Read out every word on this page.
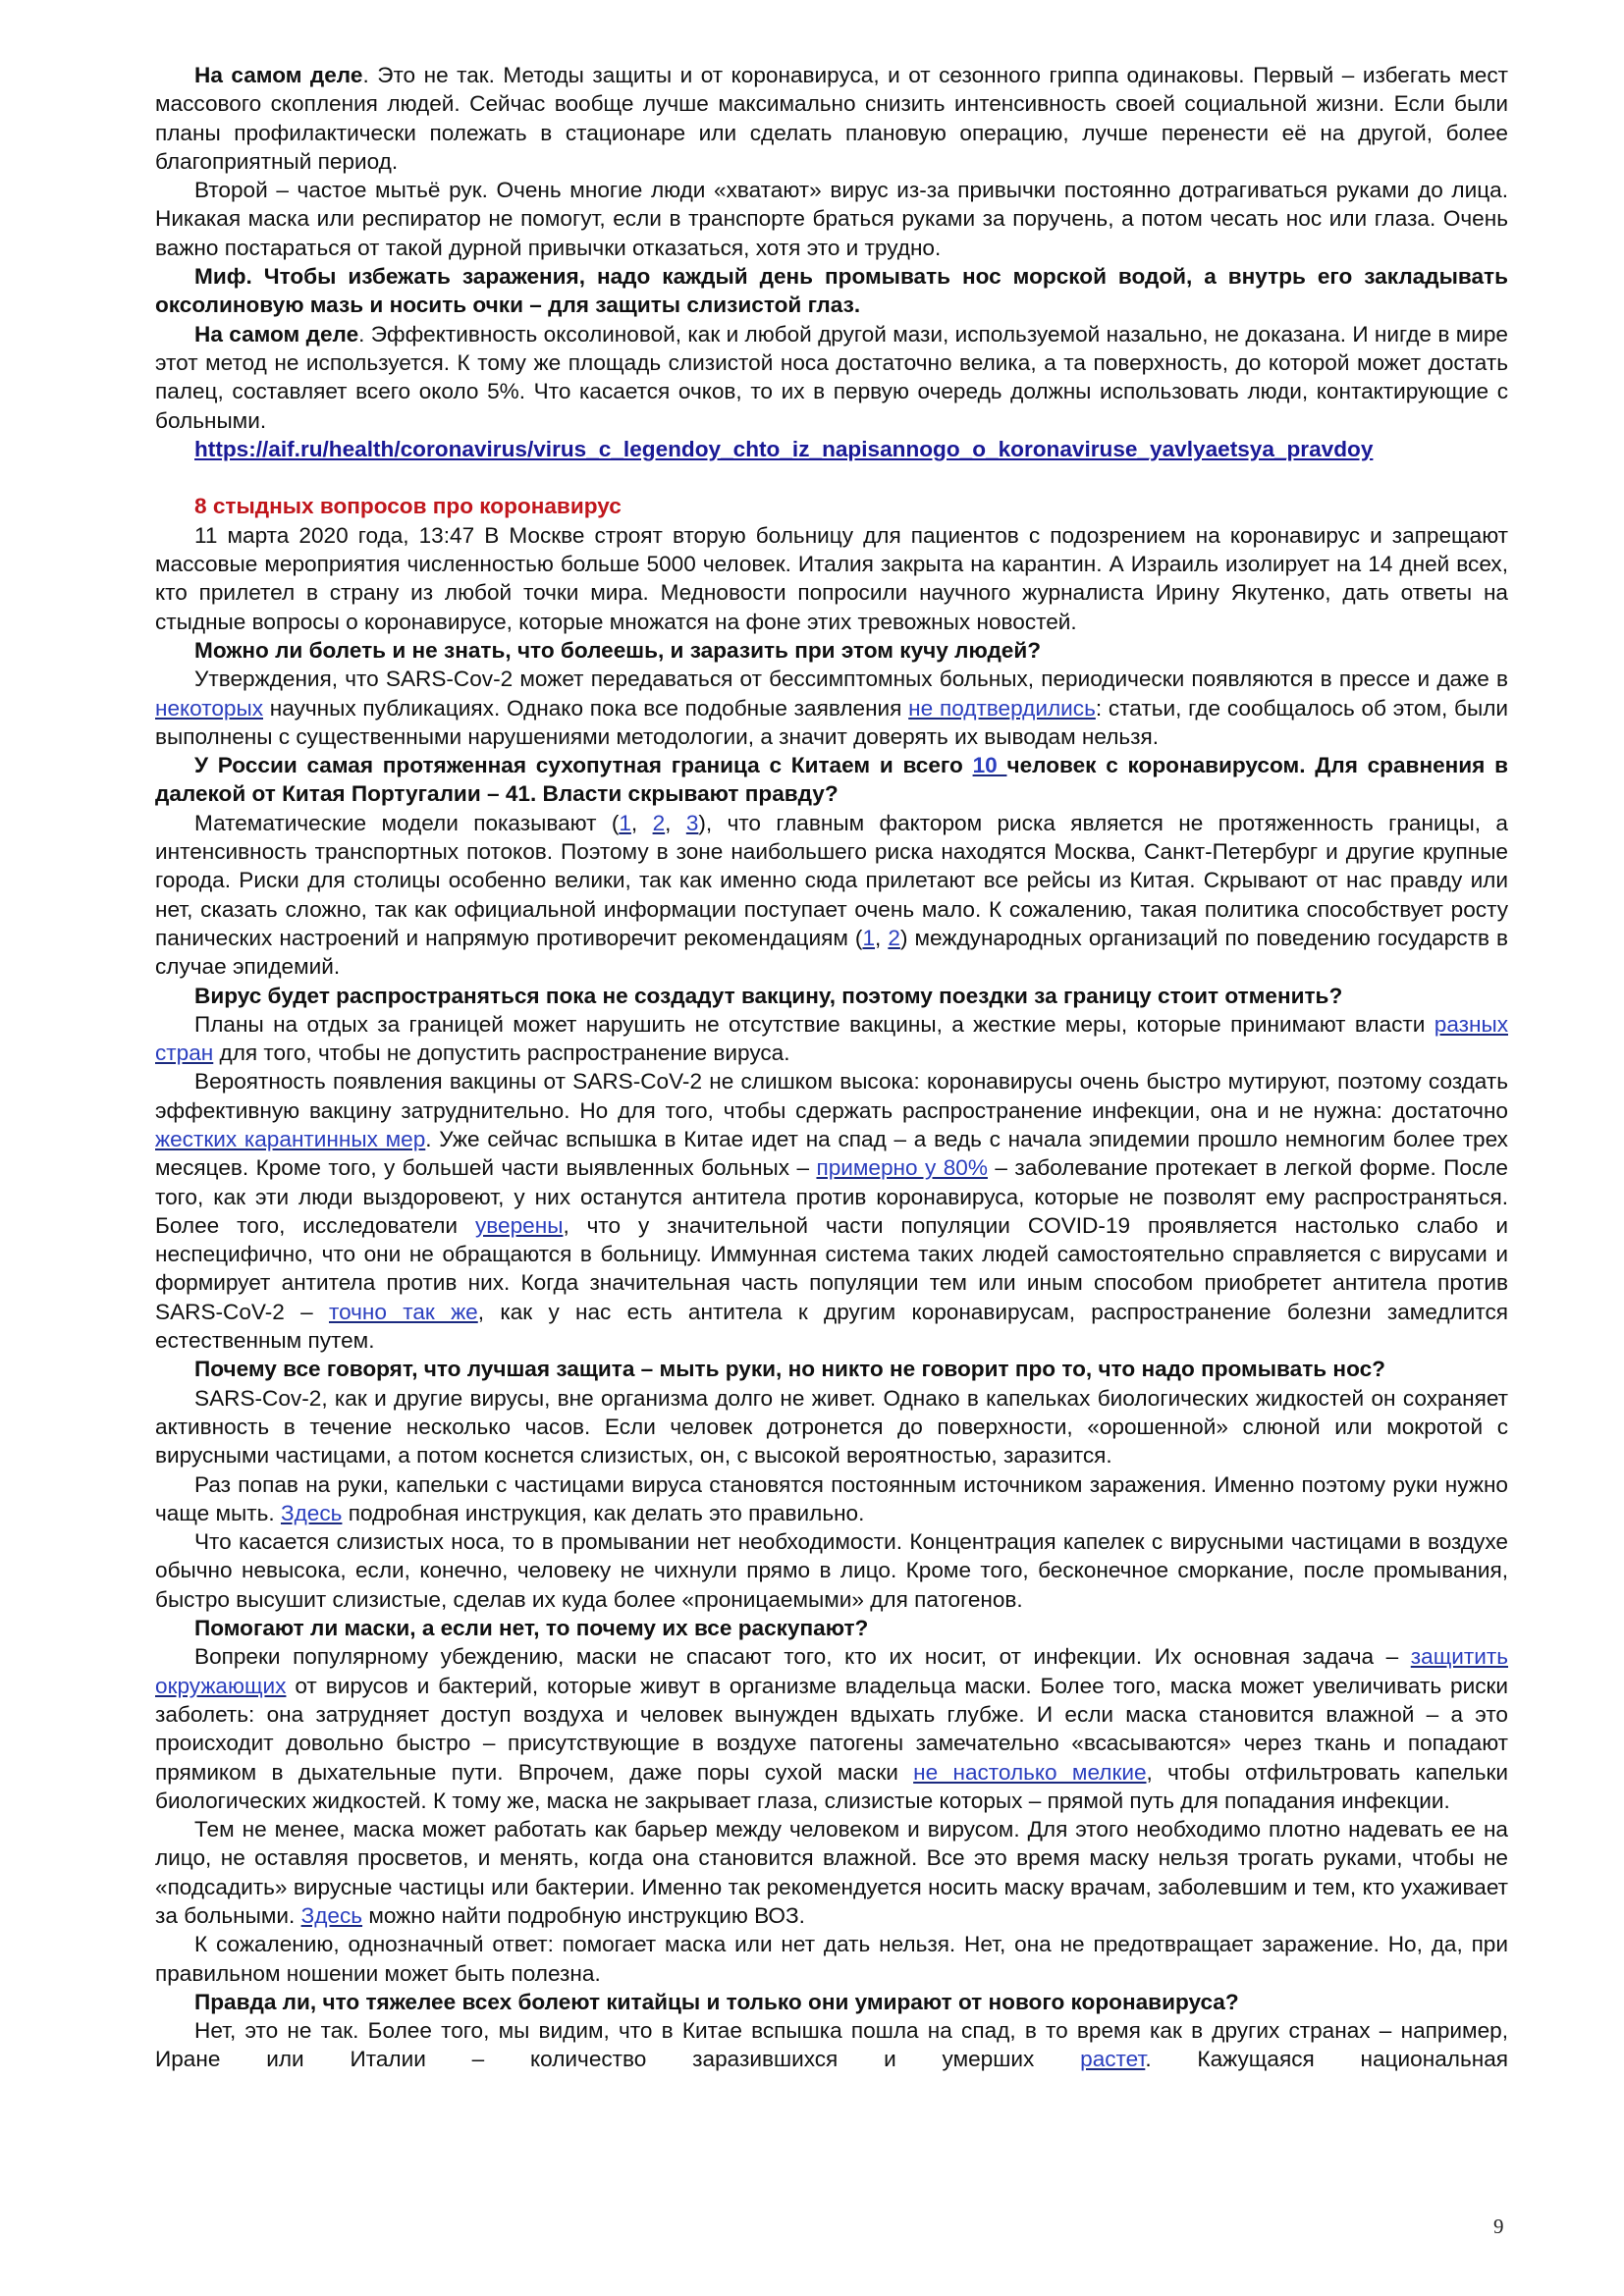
На самом деле. Это не так. Методы защиты и от коронавируса, и от сезонного гриппа одинаковы. Первый – избегать мест массового скопления людей. Сейчас вообще лучше максимально снизить интенсивность своей социальной жизни. Если были планы профилактически полежать в стационаре или сделать плановую операцию, лучше перенести её на другой, более благоприятный период.

Второй – частое мытьё рук. Очень многие люди «хватают» вирус из-за привычки постоянно дотрагиваться руками до лица. Никакая маска или респиратор не помогут, если в транспорте браться руками за поручень, а потом чесать нос или глаза. Очень важно постараться от такой дурной привычки отказаться, хотя это и трудно.

Миф. Чтобы избежать заражения, надо каждый день промывать нос морской водой, а внутрь его закладывать оксолиновую мазь и носить очки – для защиты слизистой глаз.

На самом деле. Эффективность оксолиновой, как и любой другой мази, используемой назально, не доказана. И нигде в мире этот метод не используется. К тому же площадь слизистой носа достаточно велика, а та поверхность, до которой может достать палец, составляет всего около 5%. Что касается очков, то их в первую очередь должны использовать люди, контактирующие с больными.

https://aif.ru/health/coronavirus/virus_c_legendoy_chto_iz_napisannogo_o_koronaviruse_yavlyaetsya_pravdoy

8 стыдных вопросов про коронавирус

11 марта 2020 года, 13:47 В Москве строят вторую больницу для пациентов с подозрением на коронавирус и запрещают массовые мероприятия численностью больше 5000 человек. Италия закрыта на карантин. А Израиль изолирует на 14 дней всех, кто прилетел в страну из любой точки мира. Медновости попросили научного журналиста Ирину Якутенко, дать ответы на стыдные вопросы о коронавирусе, которые множатся на фоне этих тревожных новостей.

Можно ли болеть и не знать, что болеешь, и заразить при этом кучу людей?

Утверждения, что SARS-Cov-2 может передаваться от бессимптомных больных, периодически появляются в прессе и даже в некоторых научных публикациях. Однако пока все подобные заявления не подтвердились: статьи, где сообщалось об этом, были выполнены с существенными нарушениями методологии, а значит доверять их выводам нельзя.

У России самая протяженная сухопутная граница с Китаем и всего 10 человек с коронавирусом. Для сравнения в далекой от Китая Португалии – 41. Власти скрывают правду?

Математические модели показывают (1, 2, 3), что главным фактором риска является не протяженность границы, а интенсивность транспортных потоков. Поэтому в зоне наибольшего риска находятся Москва, Санкт-Петербург и другие крупные города. Риски для столицы особенно велики, так как именно сюда прилетают все рейсы из Китая. Скрывают от нас правду или нет, сказать сложно, так как официальной информации поступает очень мало. К сожалению, такая политика способствует росту панических настроений и напрямую противоречит рекомендациям (1, 2) международных организаций по поведению государств в случае эпидемий.

Вирус будет распространяться пока не создадут вакцину, поэтому поездки за границу стоит отменить?

Планы на отдых за границей может нарушить не отсутствие вакцины, а жесткие меры, которые принимают власти разных стран для того, чтобы не допустить распространение вируса.

Вероятность появления вакцины от SARS-CoV-2 не слишком высока: коронавирусы очень быстро мутируют, поэтому создать эффективную вакцину затруднительно. Но для того, чтобы сдержать распространение инфекции, она и не нужна: достаточно жестких карантинных мер. Уже сейчас вспышка в Китае идет на спад – а ведь с начала эпидемии прошло немногим более трех месяцев. Кроме того, у большей части выявленных больных – примерно у 80% – заболевание протекает в легкой форме. После того, как эти люди выздоровеют, у них останутся антитела против коронавируса, которые не позволят ему распространяться. Более того, исследователи уверены, что у значительной части популяции COVID-19 проявляется настолько слабо и неспецифично, что они не обращаются в больницу. Иммунная система таких людей самостоятельно справляется с вирусами и формирует антитела против них. Когда значительная часть популяции тем или иным способом приобретет антитела против SARS-CoV-2 – точно так же, как у нас есть антитела к другим коронавирусам, распространение болезни замедлится естественным путем.

Почему все говорят, что лучшая защита – мыть руки, но никто не говорит про то, что надо промывать нос?

SARS-Cov-2, как и другие вирусы, вне организма долго не живет. Однако в капельках биологических жидкостей он сохраняет активность в течение несколько часов. Если человек дотронется до поверхности, «орошенной» слюной или мокротой с вирусными частицами, а потом коснется слизистых, он, с высокой вероятностью, заразится.

Раз попав на руки, капельки с частицами вируса становятся постоянным источником заражения. Именно поэтому руки нужно чаще мыть. Здесь подробная инструкция, как делать это правильно.

Что касается слизистых носа, то в промывании нет необходимости. Концентрация капелек с вирусными частицами в воздухе обычно невысока, если, конечно, человеку не чихнули прямо в лицо. Кроме того, бесконечное сморкание, после промывания, быстро высушит слизистые, сделав их куда более «проницаемыми» для патогенов.

Помогают ли маски, а если нет, то почему их все раскупают?

Вопреки популярному убеждению, маски не спасают того, кто их носит, от инфекции. Их основная задача – защитить окружающих от вирусов и бактерий, которые живут в организме владельца маски. Более того, маска может увеличивать риски заболеть: она затрудняет доступ воздуха и человек вынужден вдыхать глубже. И если маска становится влажной – а это происходит довольно быстро – присутствующие в воздухе патогены замечательно «всасываются» через ткань и попадают прямиком в дыхательные пути. Впрочем, даже поры сухой маски не настолько мелкие, чтобы отфильтровать капельки биологических жидкостей. К тому же, маска не закрывает глаза, слизистые которых – прямой путь для попадания инфекции.

Тем не менее, маска может работать как барьер между человеком и вирусом. Для этого необходимо плотно надевать ее на лицо, не оставляя просветов, и менять, когда она становится влажной. Все это время маску нельзя трогать руками, чтобы не «подсадить» вирусные частицы или бактерии. Именно так рекомендуется носить маску врачам, заболевшим и тем, кто ухаживает за больными. Здесь можно найти подробную инструкцию ВОЗ.

К сожалению, однозначный ответ: помогает маска или нет дать нельзя. Нет, она не предотвращает заражение. Но, да, при правильном ношении может быть полезна.

Правда ли, что тяжелее всех болеют китайцы и только они умирают от нового коронавируса?

Нет, это не так. Более того, мы видим, что в Китае вспышка пошла на спад, в то время как в других странах – например, Иране или Италии – количество заразившихся и умерших растет. Кажущаяся национальная

9
